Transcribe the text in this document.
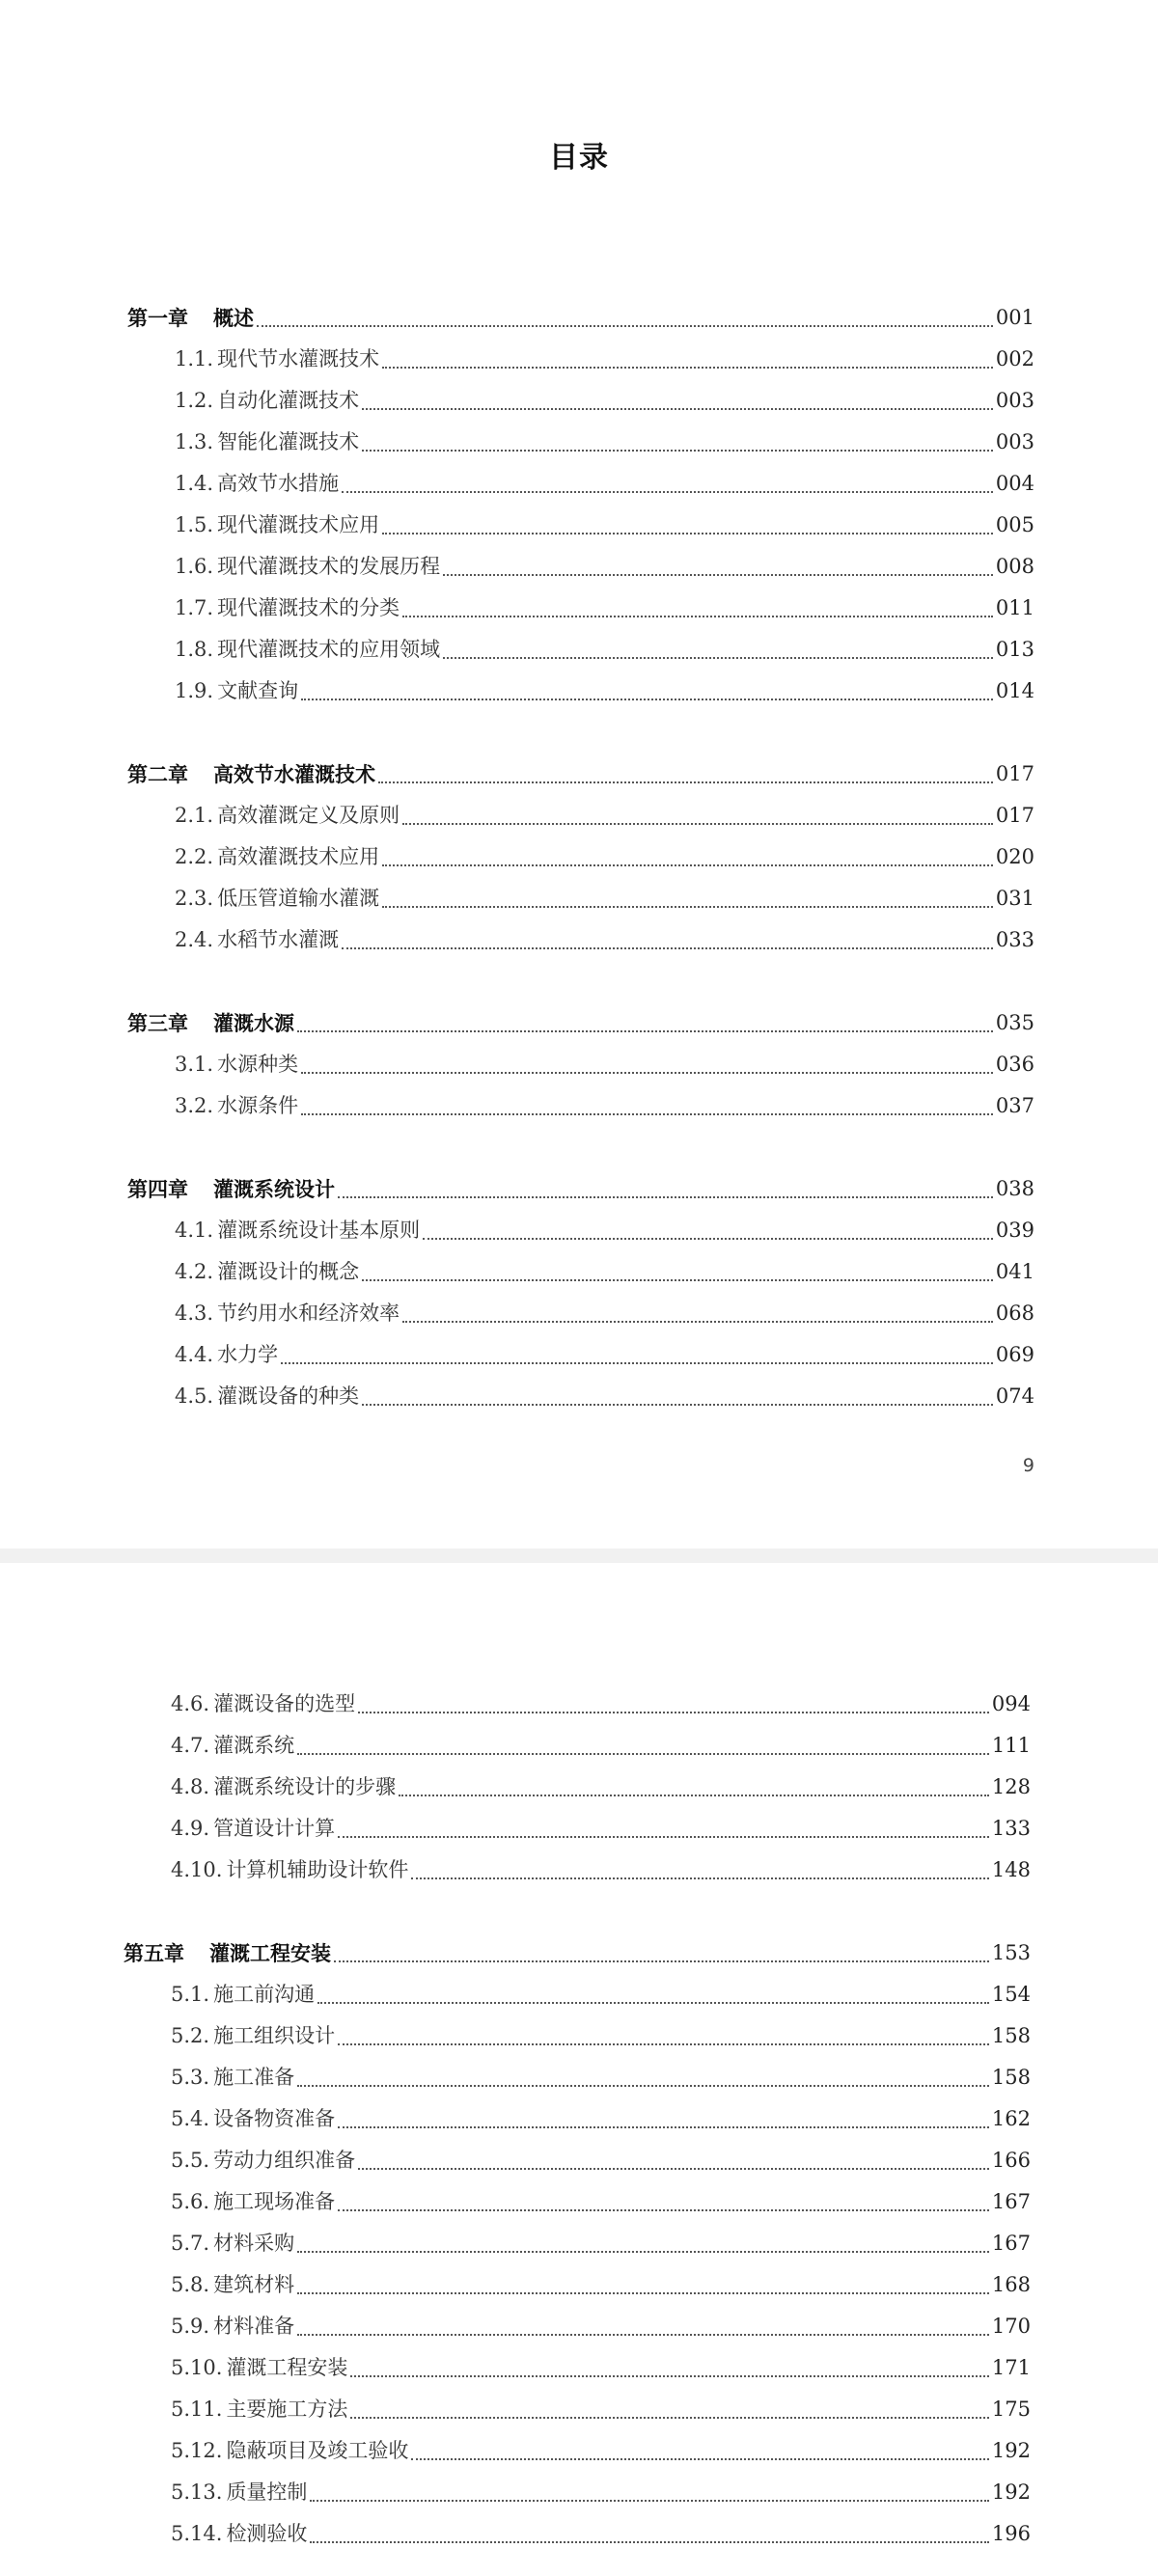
目录
第一章 概述	001
1.1. 现代节水灌溉技术	002
1.2. 自动化灌溉技术	003
1.3. 智能化灌溉技术	003
1.4. 高效节水措施	004
1.5. 现代灌溉技术应用	005
1.6. 现代灌溉技术的发展历程	008
1.7. 现代灌溉技术的分类	011
1.8. 现代灌溉技术的应用领域	013
1.9. 文献查询	014
第二章 高效节水灌溉技术	017
2.1. 高效灌溉定义及原则	017
2.2. 高效灌溉技术应用	020
2.3. 低压管道输水灌溉	031
2.4. 水稻节水灌溉	033
第三章 灌溉水源	035
3.1. 水源种类	036
3.2. 水源条件	037
第四章 灌溉系统设计	038
4.1. 灌溉系统设计基本原则	039
4.2. 灌溉设计的概念	041
4.3. 节约用水和经济效率	068
4.4. 水力学	069
4.5. 灌溉设备的种类	074
9
4.6. 灌溉设备的选型	094
4.7. 灌溉系统	111
4.8. 灌溉系统设计的步骤	128
4.9. 管道设计计算	133
4.10. 计算机辅助设计软件	148
第五章 灌溉工程安装	153
5.1. 施工前沟通	154
5.2. 施工组织设计	158
5.3. 施工准备	158
5.4. 设备物资准备	162
5.5. 劳动力组织准备	166
5.6. 施工现场准备	167
5.7. 材料采购	167
5.8. 建筑材料	168
5.9. 材料准备	170
5.10. 灌溉工程安装	171
5.11. 主要施工方法	175
5.12. 隐蔽项目及竣工验收	192
5.13. 质量控制	192
5.14. 检测验收	196
